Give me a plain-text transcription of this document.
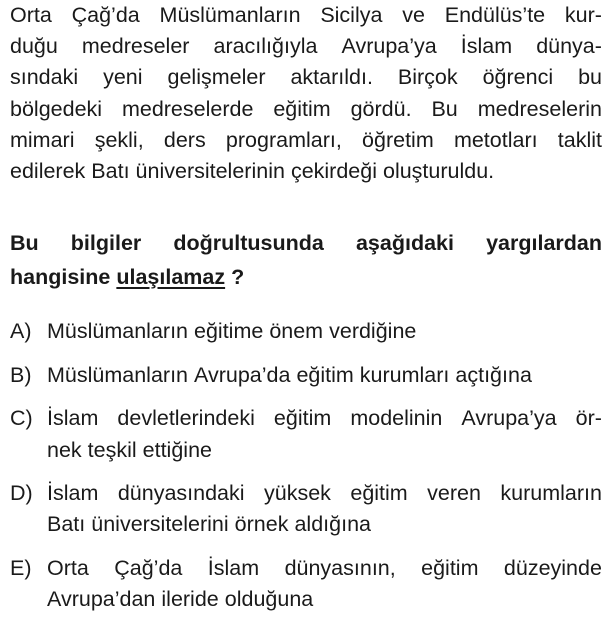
Orta Çağ’da Müslümanların Sicilya ve Endülüs’te kur-
duğu medreseler aracılığıyla Avrupa’ya İslam dünya-
sındaki yeni gelişmeler aktarıldı. Birçok öğrenci bu
bölgedeki medreselerde eğitim gördü. Bu medreselerin
mimari şekli, ders programları, öğretim metotları taklit
edilerek Batı üniversitelerinin çekirdeği oluşturuldu.
Bu bilgiler doğrultusunda aşağıdaki yargılardan
hangisine ulaşılamaz ?
A) Müslümanların eğitime önem verdiğine
B) Müslümanların Avrupa’da eğitim kurumları açtığına
C) İslam devletlerindeki eğitim modelinin Avrupa’ya ör-
nek teşkil ettiğine
D) İslam dünyasındaki yüksek eğitim veren kurumların
Batı üniversitelerini örnek aldığına
E) Orta Çağ’da İslam dünyasının, eğitim düzeyinde
Avrupa’dan ileride olduğuna
